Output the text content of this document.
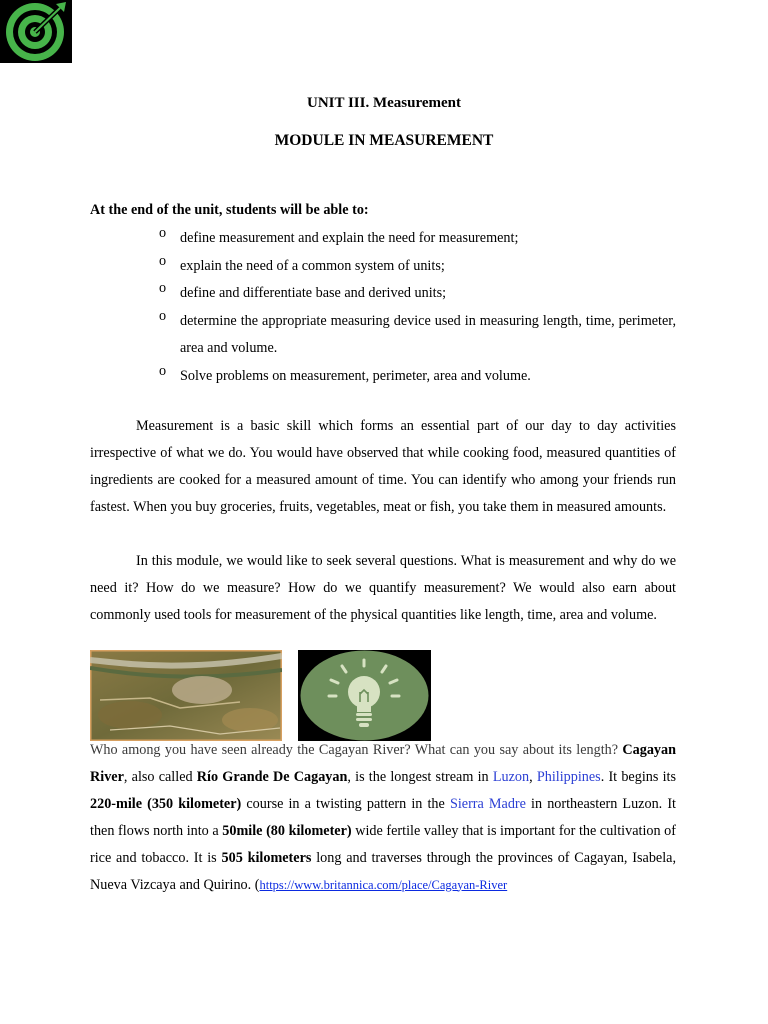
UNIT III. Measurement
MODULE IN MEASUREMENT
At the end of the unit, students will be able to:
o define measurement and explain the need for measurement;
o explain the need of a common system of units;
o define and differentiate base and derived units;
o determine the appropriate measuring device used in measuring length, time, perimeter, area and volume.
o Solve problems on measurement, perimeter, area and volume.

Measurement is a basic skill which forms an essential part of our day to day activities irrespective of what we do. You would have observed that while cooking food, measured quantities of ingredients are cooked for a measured amount of time. You can identify who among your friends run fastest. When you buy groceries, fruits, vegetables, meat or fish, you take them in measured amounts.

In this module, we would like to seek several questions. What is measurement and why do we need it? How do we measure? How do we quantify measurement? We would also earn about commonly used tools for measurement of the physical quantities like length, time, area and volume.

Who among you have seen already the Cagayan River? What can you say about its length? Cagayan River, also called Río Grande De Cagayan, is the longest stream in Luzon, Philippines. It begins its 220-mile (350 kilometer) course in a twisting pattern in the Sierra Madre in northeastern Luzon. It then flows north into a 50mile (80 kilometer) wide fertile valley that is important for the cultivation of rice and tobacco. It is 505 kilometers long and traverses through the provinces of Cagayan, Isabela, Nueva Vizcaya and Quirino. (https://www.britannica.com/place/Cagayan-River
